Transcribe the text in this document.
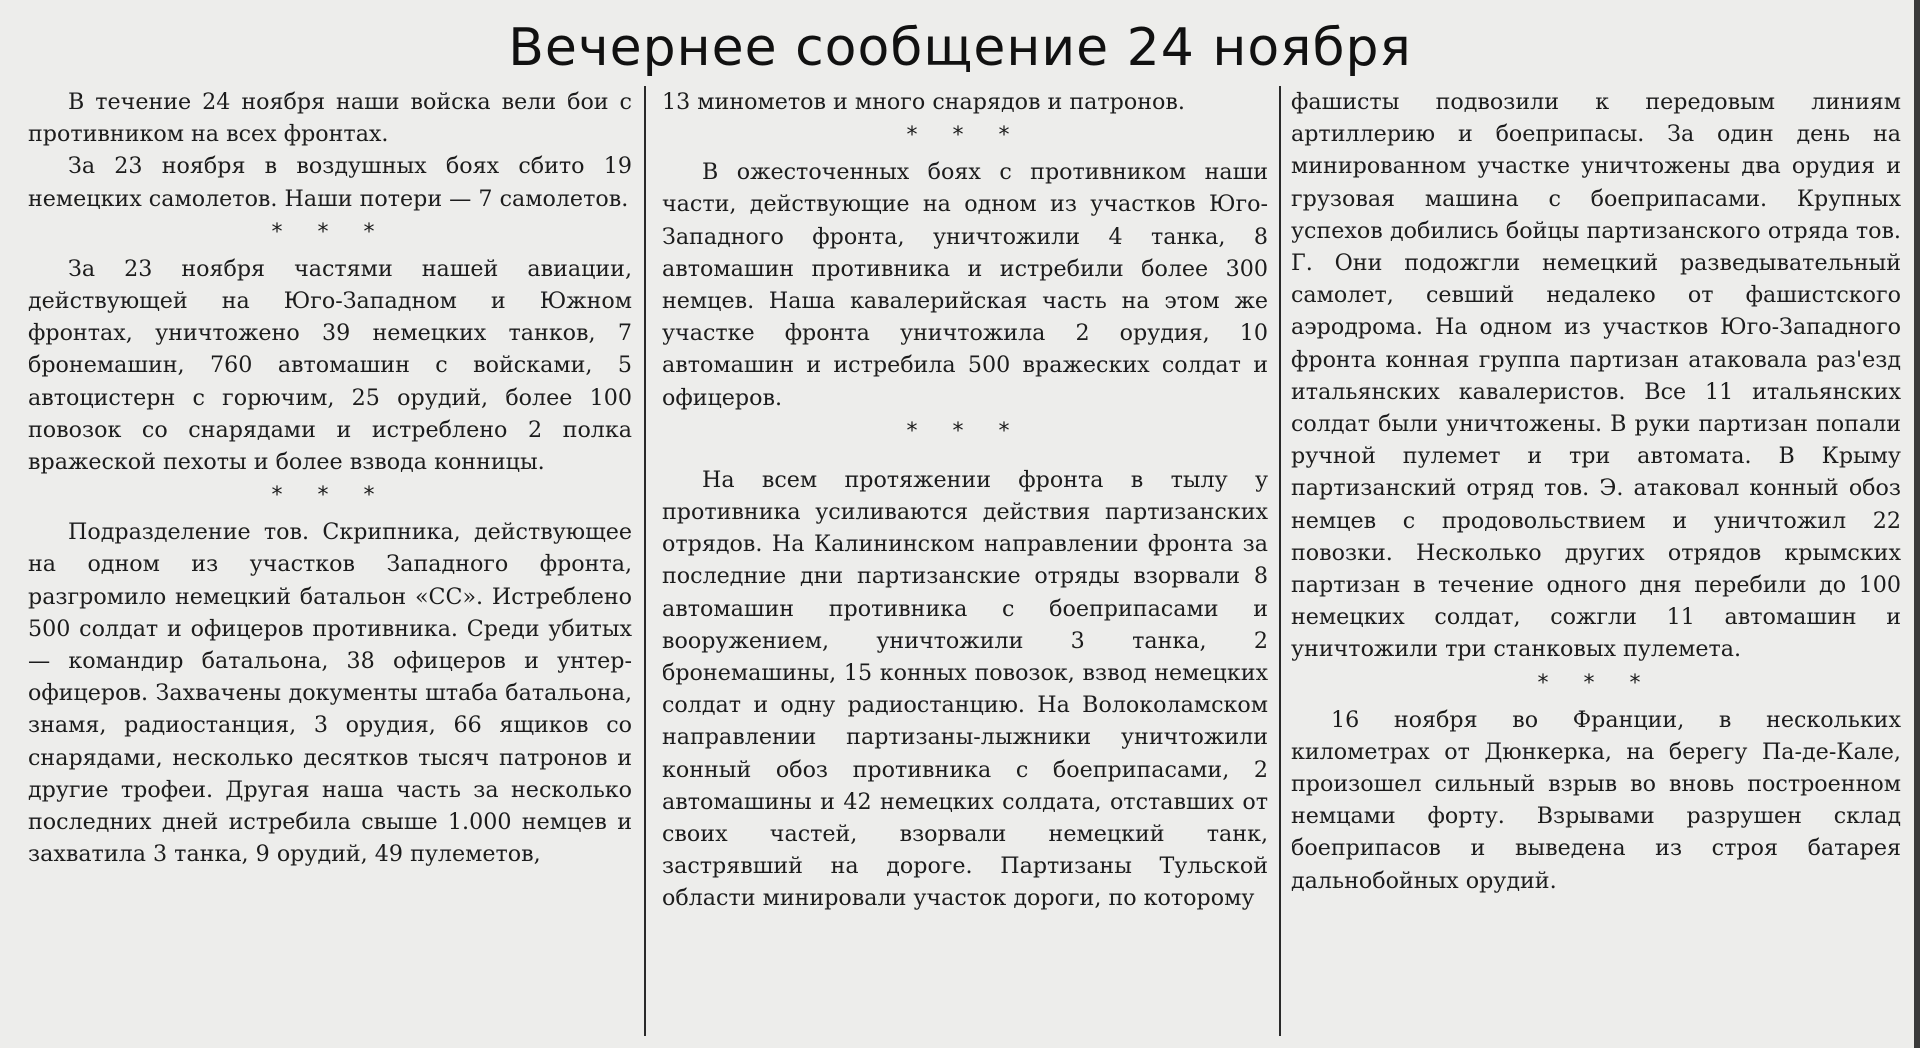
Вечернее сообщение 24 ноября

В течение 24 ноября наши войска вели бои с противником на всех фронтах.

За 23 ноября в воздушных боях сбито 19 немецких самолетов. Наши потери — 7 самолетов.

* * *

За 23 ноября частями нашей авиации, действующей на Юго-Западном и Южном фронтах, уничтожено 39 немецких танков, 7 бронемашин, 760 автомашин с войсками, 5 автоцистерн с горючим, 25 орудий, более 100 повозок со снарядами и истреблено 2 полка вражеской пехоты и более взвода конницы.

* * *

Подразделение тов. Скрипника, действующее на одном из участков Западного фронта, разгромило немецкий батальон «СС». Истреблено 500 солдат и офицеров противника. Среди убитых — командир батальона, 38 офицеров и унтер-офицеров. Захвачены документы штаба батальона, знамя, радиостанция, 3 орудия, 66 ящиков со снарядами, несколько десятков тысяч патронов и другие трофеи. Другая наша часть за несколько последних дней истребила свыше 1.000 немцев и захватила 3 танка, 9 орудий, 49 пулеметов,

13 минометов и много снарядов и патронов.

* * *

В ожесточенных боях с противником наши части, действующие на одном из участков Юго-Западного фронта, уничтожили 4 танка, 8 автомашин противника и истребили более 300 немцев. Наша кавалерийская часть на этом же участке фронта уничтожила 2 орудия, 10 автомашин и истребила 500 вражеских солдат и офицеров.

* * *

На всем протяжении фронта в тылу у противника усиливаются действия партизанских отрядов. На Калининском направлении фронта за последние дни партизанские отряды взорвали 8 автомашин противника с боеприпасами и вооружением, уничтожили 3 танка, 2 бронемашины, 15 конных повозок, взвод немецких солдат и одну радиостанцию. На Волоколамском направлении партизаны-лыжники уничтожили конный обоз противника с боеприпасами, 2 автомашины и 42 немецких солдата, отставших от своих частей, взорвали немецкий танк, застрявший на дороге. Партизаны Тульской области минировали участок дороги, по которому

фашисты подвозили к передовым линиям артиллерию и боеприпасы. За один день на минированном участке уничтожены два орудия и грузовая машина с боеприпасами. Крупных успехов добились бойцы партизанского отряда тов. Г. Они подожгли немецкий разведывательный самолет, севший недалеко от фашистского аэродрома. На одном из участков Юго-Западного фронта конная группа партизан атаковала раз'езд итальянских кавалеристов. Все 11 итальянских солдат были уничтожены. В руки партизан попали ручной пулемет и три автомата. В Крыму партизанский отряд тов. Э. атаковал конный обоз немцев с продовольствием и уничтожил 22 повозки. Несколько других отрядов крымских партизан в течение одного дня перебили до 100 немецких солдат, сожгли 11 автомашин и уничтожили три станковых пулемета.

* * *

16 ноября во Франции, в нескольких километрах от Дюнкерка, на берегу Па-де-Кале, произошел сильный взрыв во вновь построенном немцами форту. Взрывами разрушен склад боеприпасов и выведена из строя батарея дальнобойных орудий.
